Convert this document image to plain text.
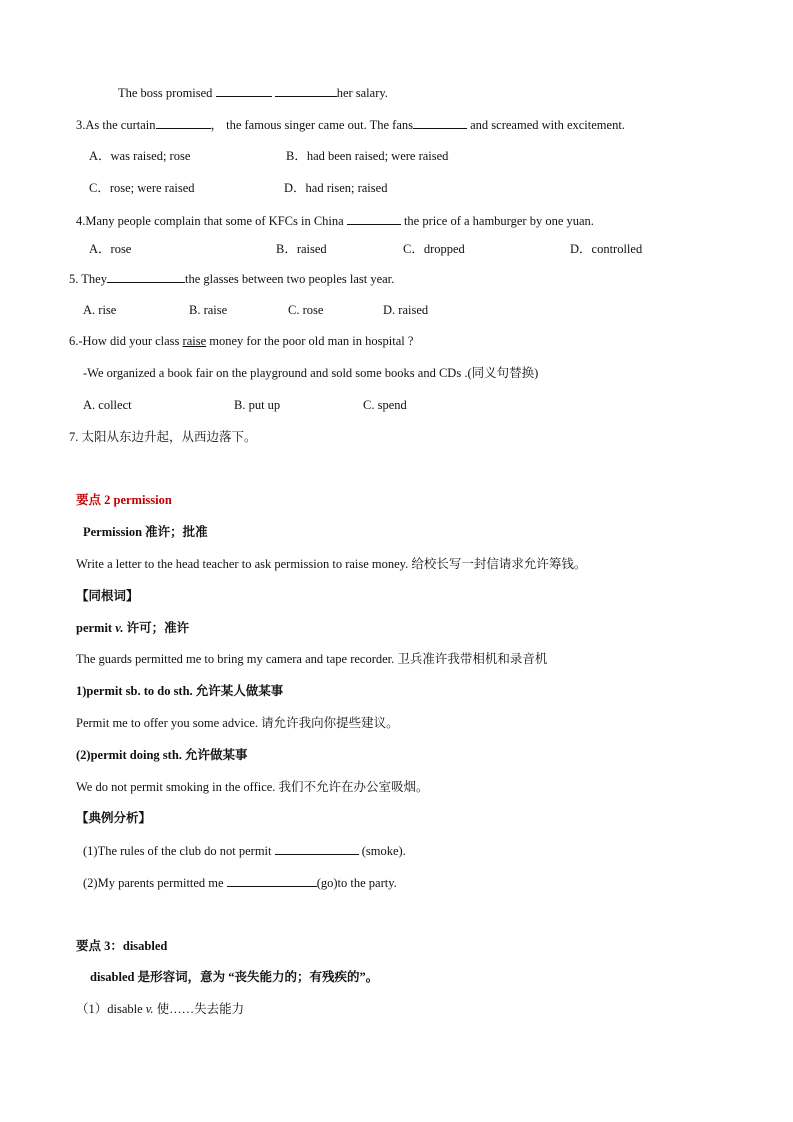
The boss promised	her salary.
3.As the curtain	， the famous singer came out. The fans	and screamed with excitement.
A．was raised; rose	B．had been raised; were raised
C．rose; were raised	D．had risen; raised
4.Many people complain that some of KFCs in China	the price of a hamburger by one yuan.
A．rose	B．raised	C．dropped	D．controlled
5. They	the glasses between two peoples last year.
A. rise	B. raise	C. rose	D. raised
6.-How did your class raise money for the poor old man in hospital ?
-We organized a book fair on the playground and sold some books and CDs .(同义句替换)
A. collect	B. put up	C. spend
7. 太阳从东边升起，从西边落下。
要点 2 permission
Permission 准许；批准
Write a letter to the head teacher to ask permission to raise money. 给校长写一封信请求允许筹钱。
【同根词】
permit v. 许可；准许
The guards permitted me to bring my camera and tape recorder. 卫兵准许我带相机和录音机
1)permit sb. to do sth. 允许某人做某事
Permit me to offer you some advice. 请允许我向你提些建议。
(2)permit doing sth. 允许做某事
We do not permit smoking in the office. 我们不允许在办公室吸烟。
【典例分析】
(1)The rules of the club do not permit	(smoke).
(2)My parents permitted me	(go)to the party.
要点 3：disabled
disabled 是形容词，意为 “丧失能力的；有残疾的”。
（1）disable v. 使……失去能力
